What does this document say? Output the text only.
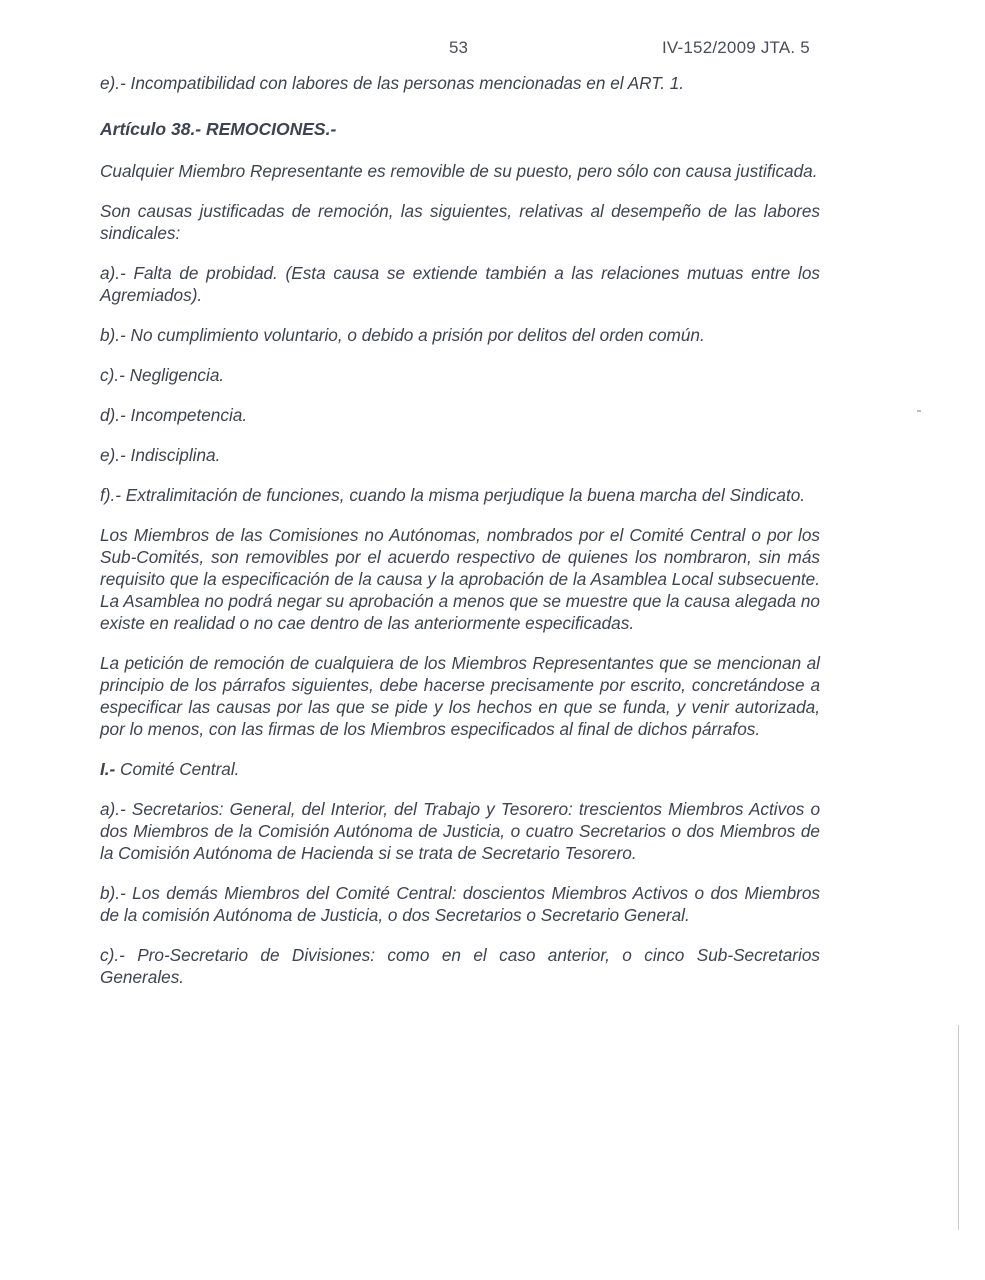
53	IV-152/2009 JTA. 5

e).- Incompatibilidad con labores de las personas mencionadas en el ART. 1.

Artículo 38.- REMOCIONES.-

Cualquier Miembro Representante es removible de su puesto, pero sólo con causa justificada.

Son causas justificadas de remoción, las siguientes, relativas al desempeño de las labores sindicales:

a).- Falta de probidad. (Esta causa se extiende también a las relaciones mutuas entre los Agremiados).

b).- No cumplimiento voluntario, o debido a prisión por delitos del orden común.

c).- Negligencia.

d).- Incompetencia.

e).- Indisciplina.

f).- Extralimitación de funciones, cuando la misma perjudique la buena marcha del Sindicato.

Los Miembros de las Comisiones no Autónomas, nombrados por el Comité Central o por los Sub-Comités, son removibles por el acuerdo respectivo de quienes los nombraron, sin más requisito que la especificación de la causa y la aprobación de la Asamblea Local subsecuente. La Asamblea no podrá negar su aprobación a menos que se muestre que la causa alegada no existe en realidad o no cae dentro de las anteriormente especificadas.

La petición de remoción de cualquiera de los Miembros Representantes que se mencionan al principio de los párrafos siguientes, debe hacerse precisamente por escrito, concretándose a especificar las causas por las que se pide y los hechos en que se funda, y venir autorizada, por lo menos, con las firmas de los Miembros especificados al final de dichos párrafos.

I.- Comité Central.

a).- Secretarios: General, del Interior, del Trabajo y Tesorero: trescientos Miembros Activos o dos Miembros de la Comisión Autónoma de Justicia, o cuatro Secretarios o dos Miembros de la Comisión Autónoma de Hacienda si se trata de Secretario Tesorero.

b).- Los demás Miembros del Comité Central: doscientos Miembros Activos o dos Miembros de la comisión Autónoma de Justicia, o dos Secretarios o Secretario General.

c).- Pro-Secretario de Divisiones: como en el caso anterior, o cinco Sub-Secretarios Generales.
